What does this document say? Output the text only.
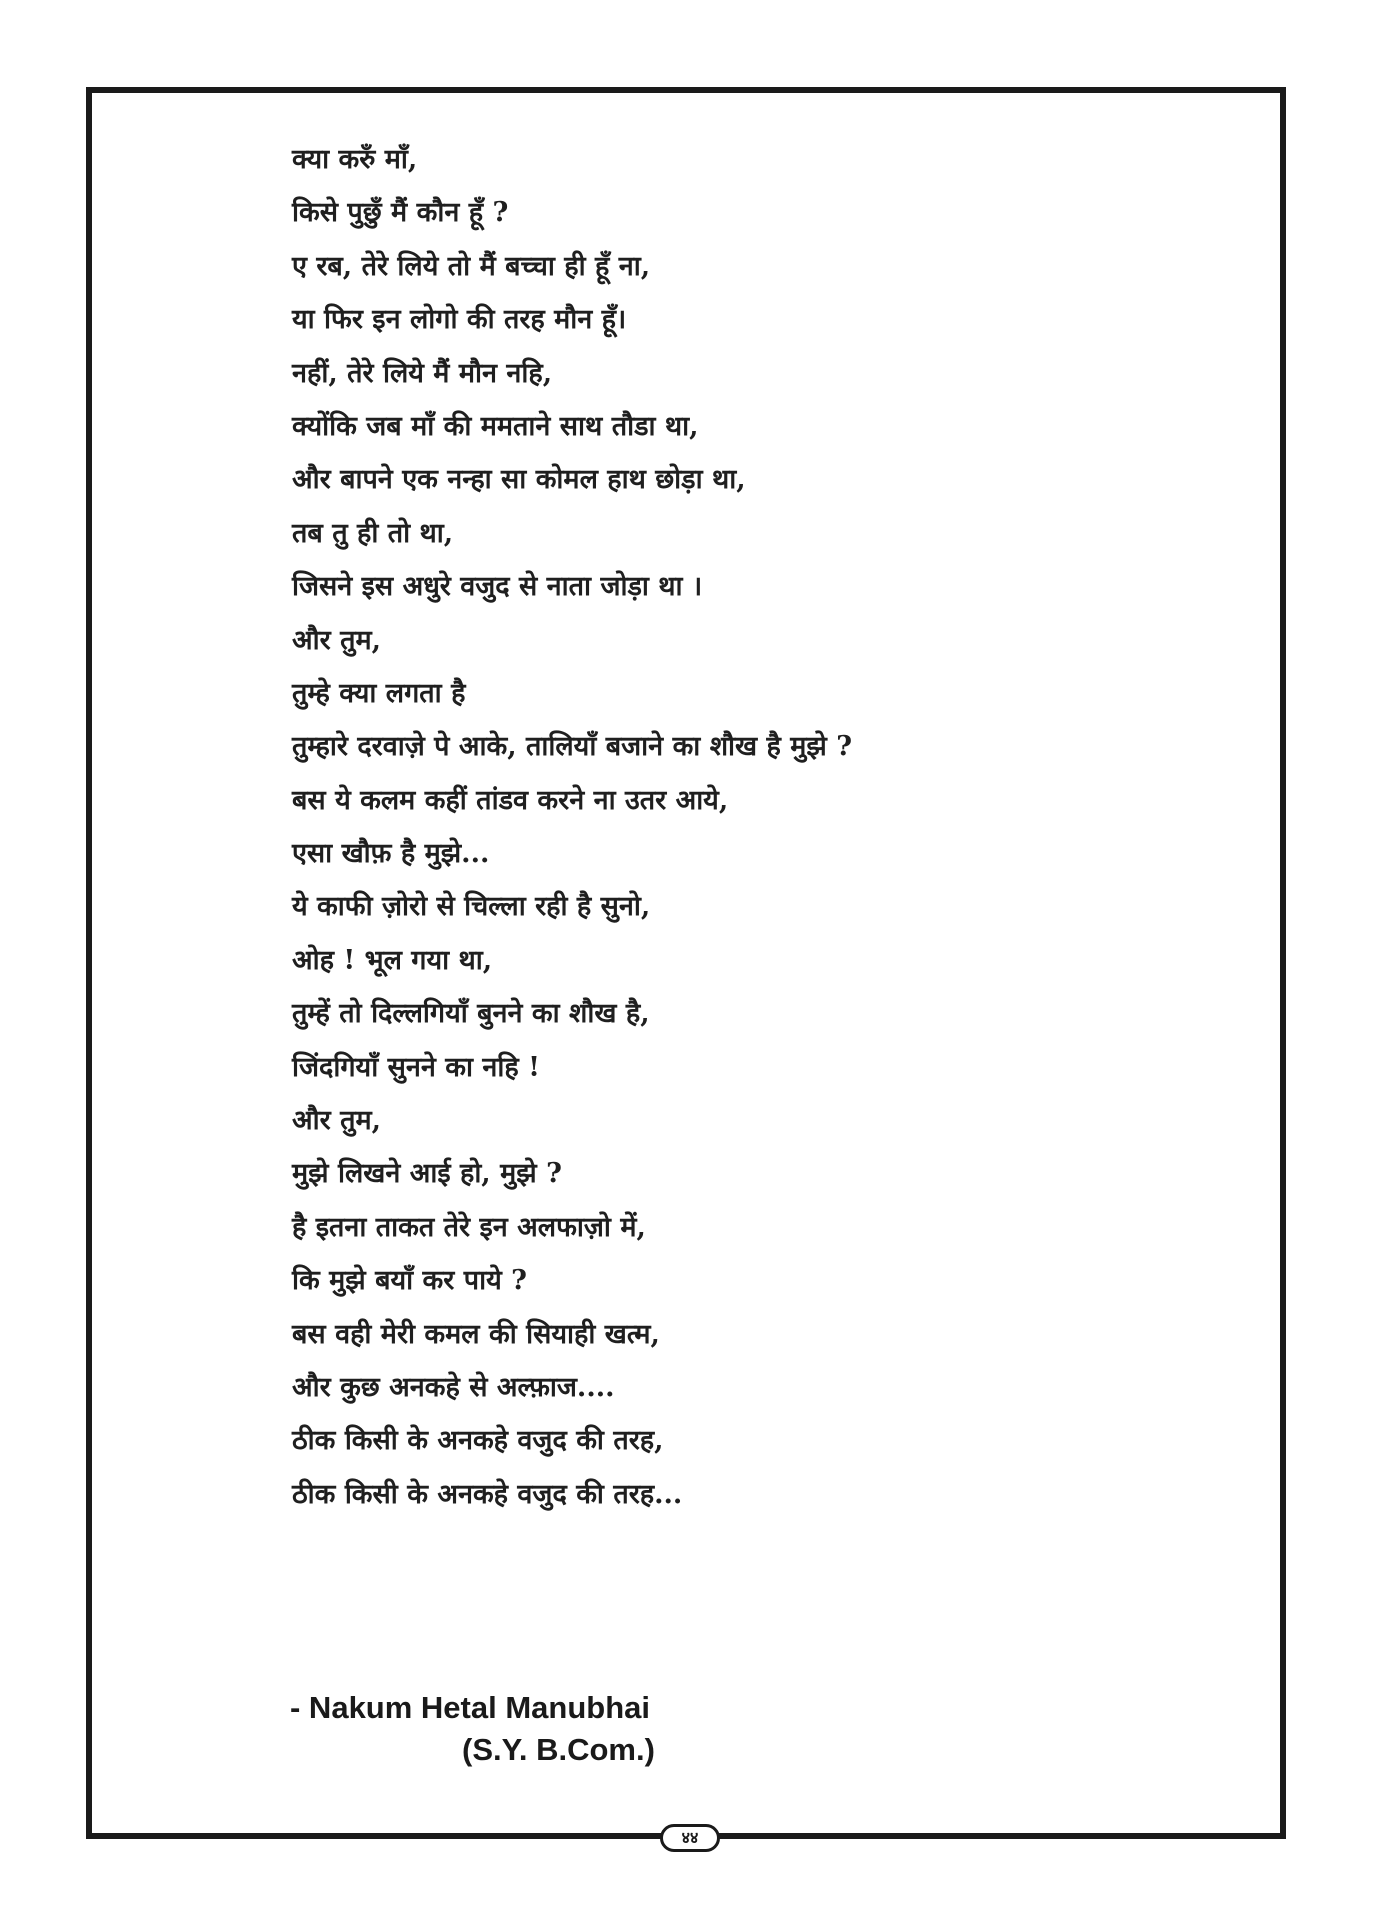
क्या करुँ माँ,
किसे पुछुँ मैं कौन हूँ ?
ए रब, तेरे लिये तो मैं बच्चा ही हूँ ना,
या फिर इन लोगो की तरह मौन हूँ।
नहीं, तेरे लिये मैं मौन नहि,
क्योंकि जब माँ की ममताने साथ तौडा था,
और बापने एक नन्हा सा कोमल हाथ छोड़ा था,
तब तु ही तो था,
जिसने इस अधुरे वजुद से नाता जोड़ा था ।
और तुम,
तुम्हे क्या लगता है
तुम्हारे दरवाज़े पे आके, तालियाँ बजाने का शौख है मुझे ?
बस ये कलम कहीं तांडव करने ना उतर आये,
एसा खौफ़ है मुझे...
ये काफी ज़ोरो से चिल्ला रही है सुनो,
ओह ! भूल गया था,
तुम्हें तो दिल्लगियाँ बुनने का शौख है,
जिंदगियाँ सुनने का नहि !
और तुम,
मुझे लिखने आई हो, मुझे ?
है इतना ताकत तेरे इन अलफाज़ो में,
कि मुझे बयाँ कर पाये ?
बस वही मेरी कमल की सियाही खत्म,
और कुछ अनकहे से अल्फ़ाज....
ठीक किसी के अनकहे वजुद की तरह,
ठीक किसी के अनकहे वजुद की तरह...
- Nakum Hetal Manubhai
(S.Y. B.Com.)
४४
